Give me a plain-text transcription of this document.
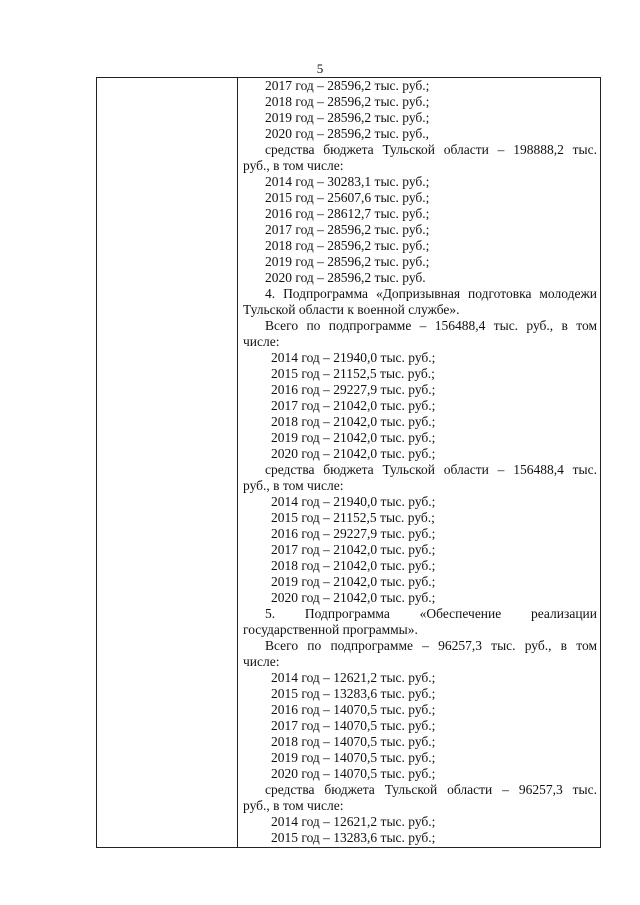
5
2017 год – 28596,2 тыс. руб.;
2018 год – 28596,2 тыс. руб.;
2019 год – 28596,2 тыс. руб.;
2020 год – 28596,2 тыс. руб.,
средства бюджета Тульской области – 198888,2 тыс.
руб., в том числе:
2014 год – 30283,1 тыс. руб.;
2015 год – 25607,6 тыс. руб.;
2016 год – 28612,7 тыс. руб.;
2017 год – 28596,2 тыс. руб.;
2018 год – 28596,2 тыс. руб.;
2019 год – 28596,2 тыс. руб.;
2020 год – 28596,2 тыс. руб.
4. Подпрограмма «Допризывная подготовка молодежи
Тульской области к военной службе».
Всего по подпрограмме – 156488,4 тыс. руб., в том
числе:
2014 год – 21940,0 тыс. руб.;
2015 год – 21152,5 тыс. руб.;
2016 год – 29227,9 тыс. руб.;
2017 год – 21042,0 тыс. руб.;
2018 год – 21042,0 тыс. руб.;
2019 год – 21042,0 тыс. руб.;
2020 год – 21042,0 тыс. руб.;
средства бюджета Тульской области – 156488,4 тыс.
руб., в том числе:
2014 год – 21940,0 тыс. руб.;
2015 год – 21152,5 тыс. руб.;
2016 год – 29227,9 тыс. руб.;
2017 год – 21042,0 тыс. руб.;
2018 год – 21042,0 тыс. руб.;
2019 год – 21042,0 тыс. руб.;
2020 год – 21042,0 тыс. руб.;
5. Подпрограмма «Обеспечение реализации
государственной программы».
Всего по подпрограмме – 96257,3 тыс. руб., в том
числе:
2014 год – 12621,2 тыс. руб.;
2015 год – 13283,6 тыс. руб.;
2016 год – 14070,5 тыс. руб.;
2017 год – 14070,5 тыс. руб.;
2018 год – 14070,5 тыс. руб.;
2019 год – 14070,5 тыс. руб.;
2020 год – 14070,5 тыс. руб.;
средства бюджета Тульской области – 96257,3 тыс.
руб., в том числе:
2014 год – 12621,2 тыс. руб.;
2015 год – 13283,6 тыс. руб.;
